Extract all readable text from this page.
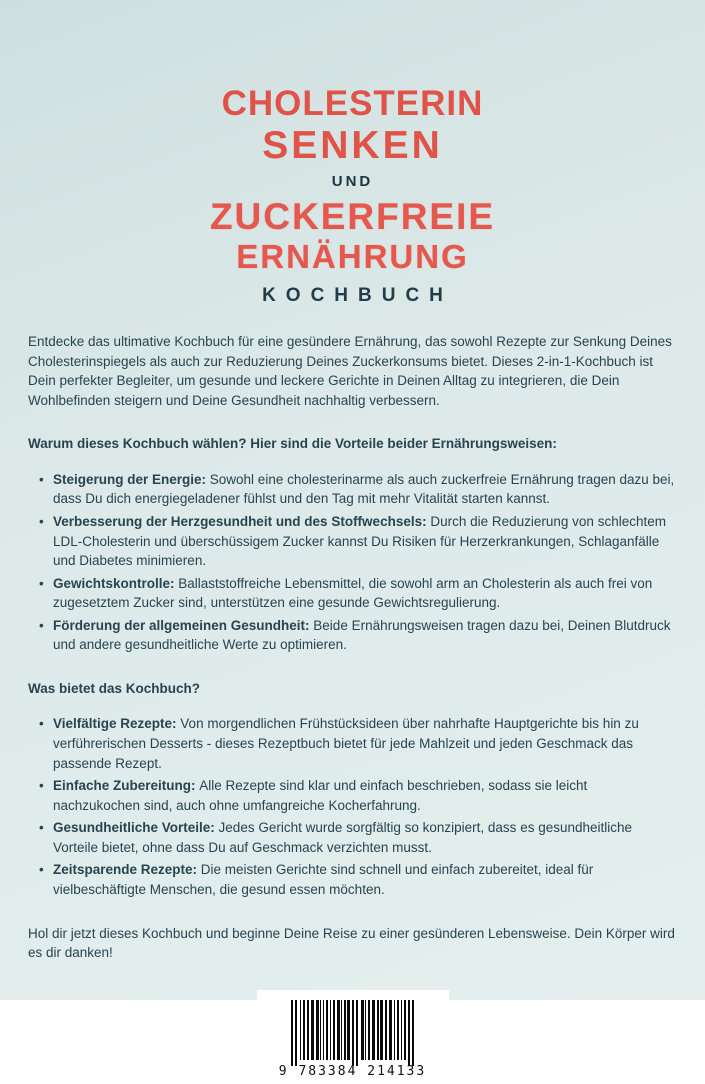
CHOLESTERIN
SENKEN
UND
ZUCKERFREIE
ERNÄHRUNG
KOCHBUCH

Entdecke das ultimative Kochbuch für eine gesündere Ernährung, das sowohl Rezepte zur Senkung Deines Cholesterinspiegels als auch zur Reduzierung Deines Zuckerkonsums bietet. Dieses 2-in-1-Kochbuch ist Dein perfekter Begleiter, um gesunde und leckere Gerichte in Deinen Alltag zu integrieren, die Dein Wohlbefinden steigern und Deine Gesundheit nachhaltig verbessern.

Warum dieses Kochbuch wählen? Hier sind die Vorteile beider Ernährungsweisen:
• Steigerung der Energie: Sowohl eine cholesterinarme als auch zuckerfreie Ernährung tragen dazu bei, dass Du dich energiegeladener fühlst und den Tag mit mehr Vitalität starten kannst.
• Verbesserung der Herzgesundheit und des Stoffwechsels: Durch die Reduzierung von schlechtem LDL-Cholesterin und überschüssigem Zucker kannst Du Risiken für Herzerkrankungen, Schlaganfälle und Diabetes minimieren.
• Gewichtskontrolle: Ballaststoffreiche Lebensmittel, die sowohl arm an Cholesterin als auch frei von zugesetztem Zucker sind, unterstützen eine gesunde Gewichtsregulierung.
• Förderung der allgemeinen Gesundheit: Beide Ernährungsweisen tragen dazu bei, Deinen Blutdruck und andere gesundheitliche Werte zu optimieren.
Was bietet das Kochbuch?
• Vielfältige Rezepte: Von morgendlichen Frühstücksideen über nahrhafte Hauptgerichte bis hin zu verführerischen Desserts - dieses Rezeptbuch bietet für jede Mahlzeit und jeden Geschmack das passende Rezept.
• Einfache Zubereitung: Alle Rezepte sind klar und einfach beschrieben, sodass sie leicht nachzukochen sind, auch ohne umfangreiche Kocherfahrung.
• Gesundheitliche Vorteile: Jedes Gericht wurde sorgfältig so konzipiert, dass es gesundheitliche Vorteile bietet, ohne dass Du auf Geschmack verzichten musst.
• Zeitsparende Rezepte: Die meisten Gerichte sind schnell und einfach zubereitet, ideal für vielbeschäftigte Menschen, die gesund essen möchten.

Hol dir jetzt dieses Kochbuch und beginne Deine Reise zu einer gesünderen Lebensweise. Dein Körper wird es dir danken!

9 783384 214133
